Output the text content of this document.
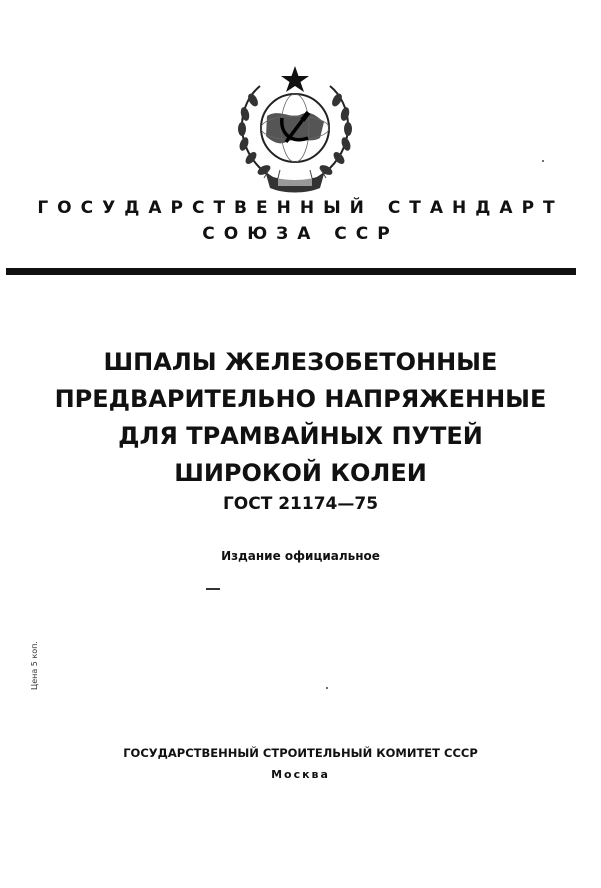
ГОСУДАРСТВЕННЫЙ СТАНДАРТ
СОЮЗА ССР
ШПАЛЫ ЖЕЛЕЗОБЕТОННЫЕ
ПРЕДВАРИТЕЛЬНО НАПРЯЖЕННЫЕ
ДЛЯ ТРАМВАЙНЫХ ПУТЕЙ
ШИРОКОЙ КОЛЕИ
ГОСТ 21174—75
Издание официальное
Цена 5 коп.
ГОСУДАРСТВЕННЫЙ СТРОИТЕЛЬНЫЙ КОМИТЕТ СССР
Москва
